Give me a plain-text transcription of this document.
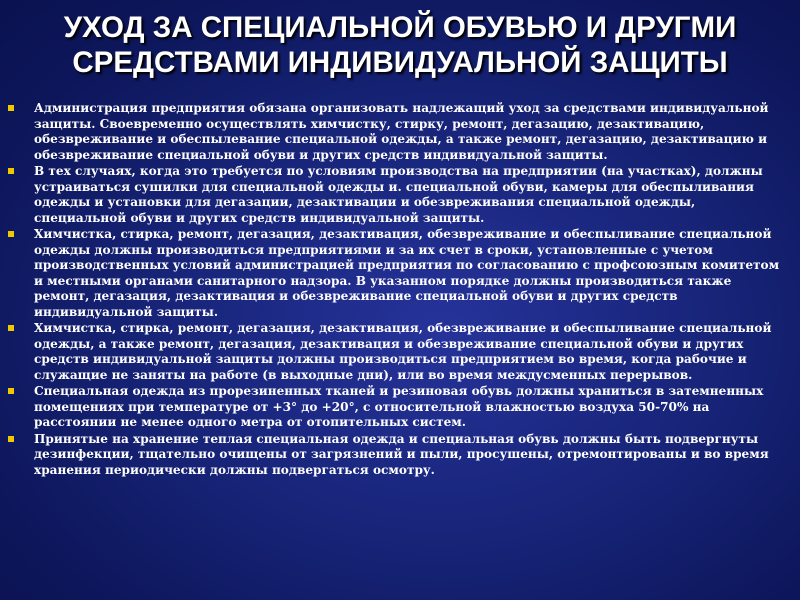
УХОД ЗА СПЕЦИАЛЬНОЙ ОБУВЬЮ И ДРУГМИ
СРЕДСТВАМИ ИНДИВИДУАЛЬНОЙ ЗАЩИТЫ
Администрация предприятия обязана организовать надлежащий уход за средствами индивидуальной защиты. Своевременно осуществлять химчистку, стирку, ремонт, дегазацию, дезактивацию, обезвреживание и обеспылевание специальной одежды, а также ремонт, дегазацию, дезактивацию и обезвреживание специальной обуви и других средств индивидуальной защиты.
В тех случаях, когда это требуется по условиям производства на предприятии (на участках), должны устраиваться сушилки для специальной одежды и. специальной обуви, камеры для обеспыливания одежды и установки для дегазации, дезактивации и обезвреживания специальной одежды, специальной обуви и других средств индивидуальной защиты.
Химчистка, стирка, ремонт, дегазация, дезактивация, обезвреживание и обеспыливание специальной одежды должны производиться предприятиями и за их счет в сроки, установленные с учетом производственных условий администрацией предприятия по согласованию с профсоюзным комитетом и местными органами санитарного надзора. В указанном порядке должны производиться также ремонт, дегазация, дезактивация и обезвреживание специальной обуви и других средств индивидуальной защиты.
Химчистка, стирка, ремонт, дегазация, дезактивация, обезвреживание и обеспыливание специальной одежды, а также ремонт, дегазация, дезактивация и обезвреживание специальной обуви и других средств индивидуальной защиты должны производиться предприятием во время, когда рабочие и служащие не заняты на работе (в выходные дни), или во время междусменных перерывов.
Специальная одежда из прорезиненных тканей и резиновая обувь должны храниться в затемненных помещениях при температуре от +3° до +20°, с относительной влажностью воздуха 50-70% на расстоянии не менее одного метра от отопительных систем.
Принятые на хранение теплая специальная одежда и специальная обувь должны быть подвергнуты дезинфекции, тщательно очищены от загрязнений и пыли, просушены, отремонтированы и во время хранения периодически должны подвергаться осмотру.
